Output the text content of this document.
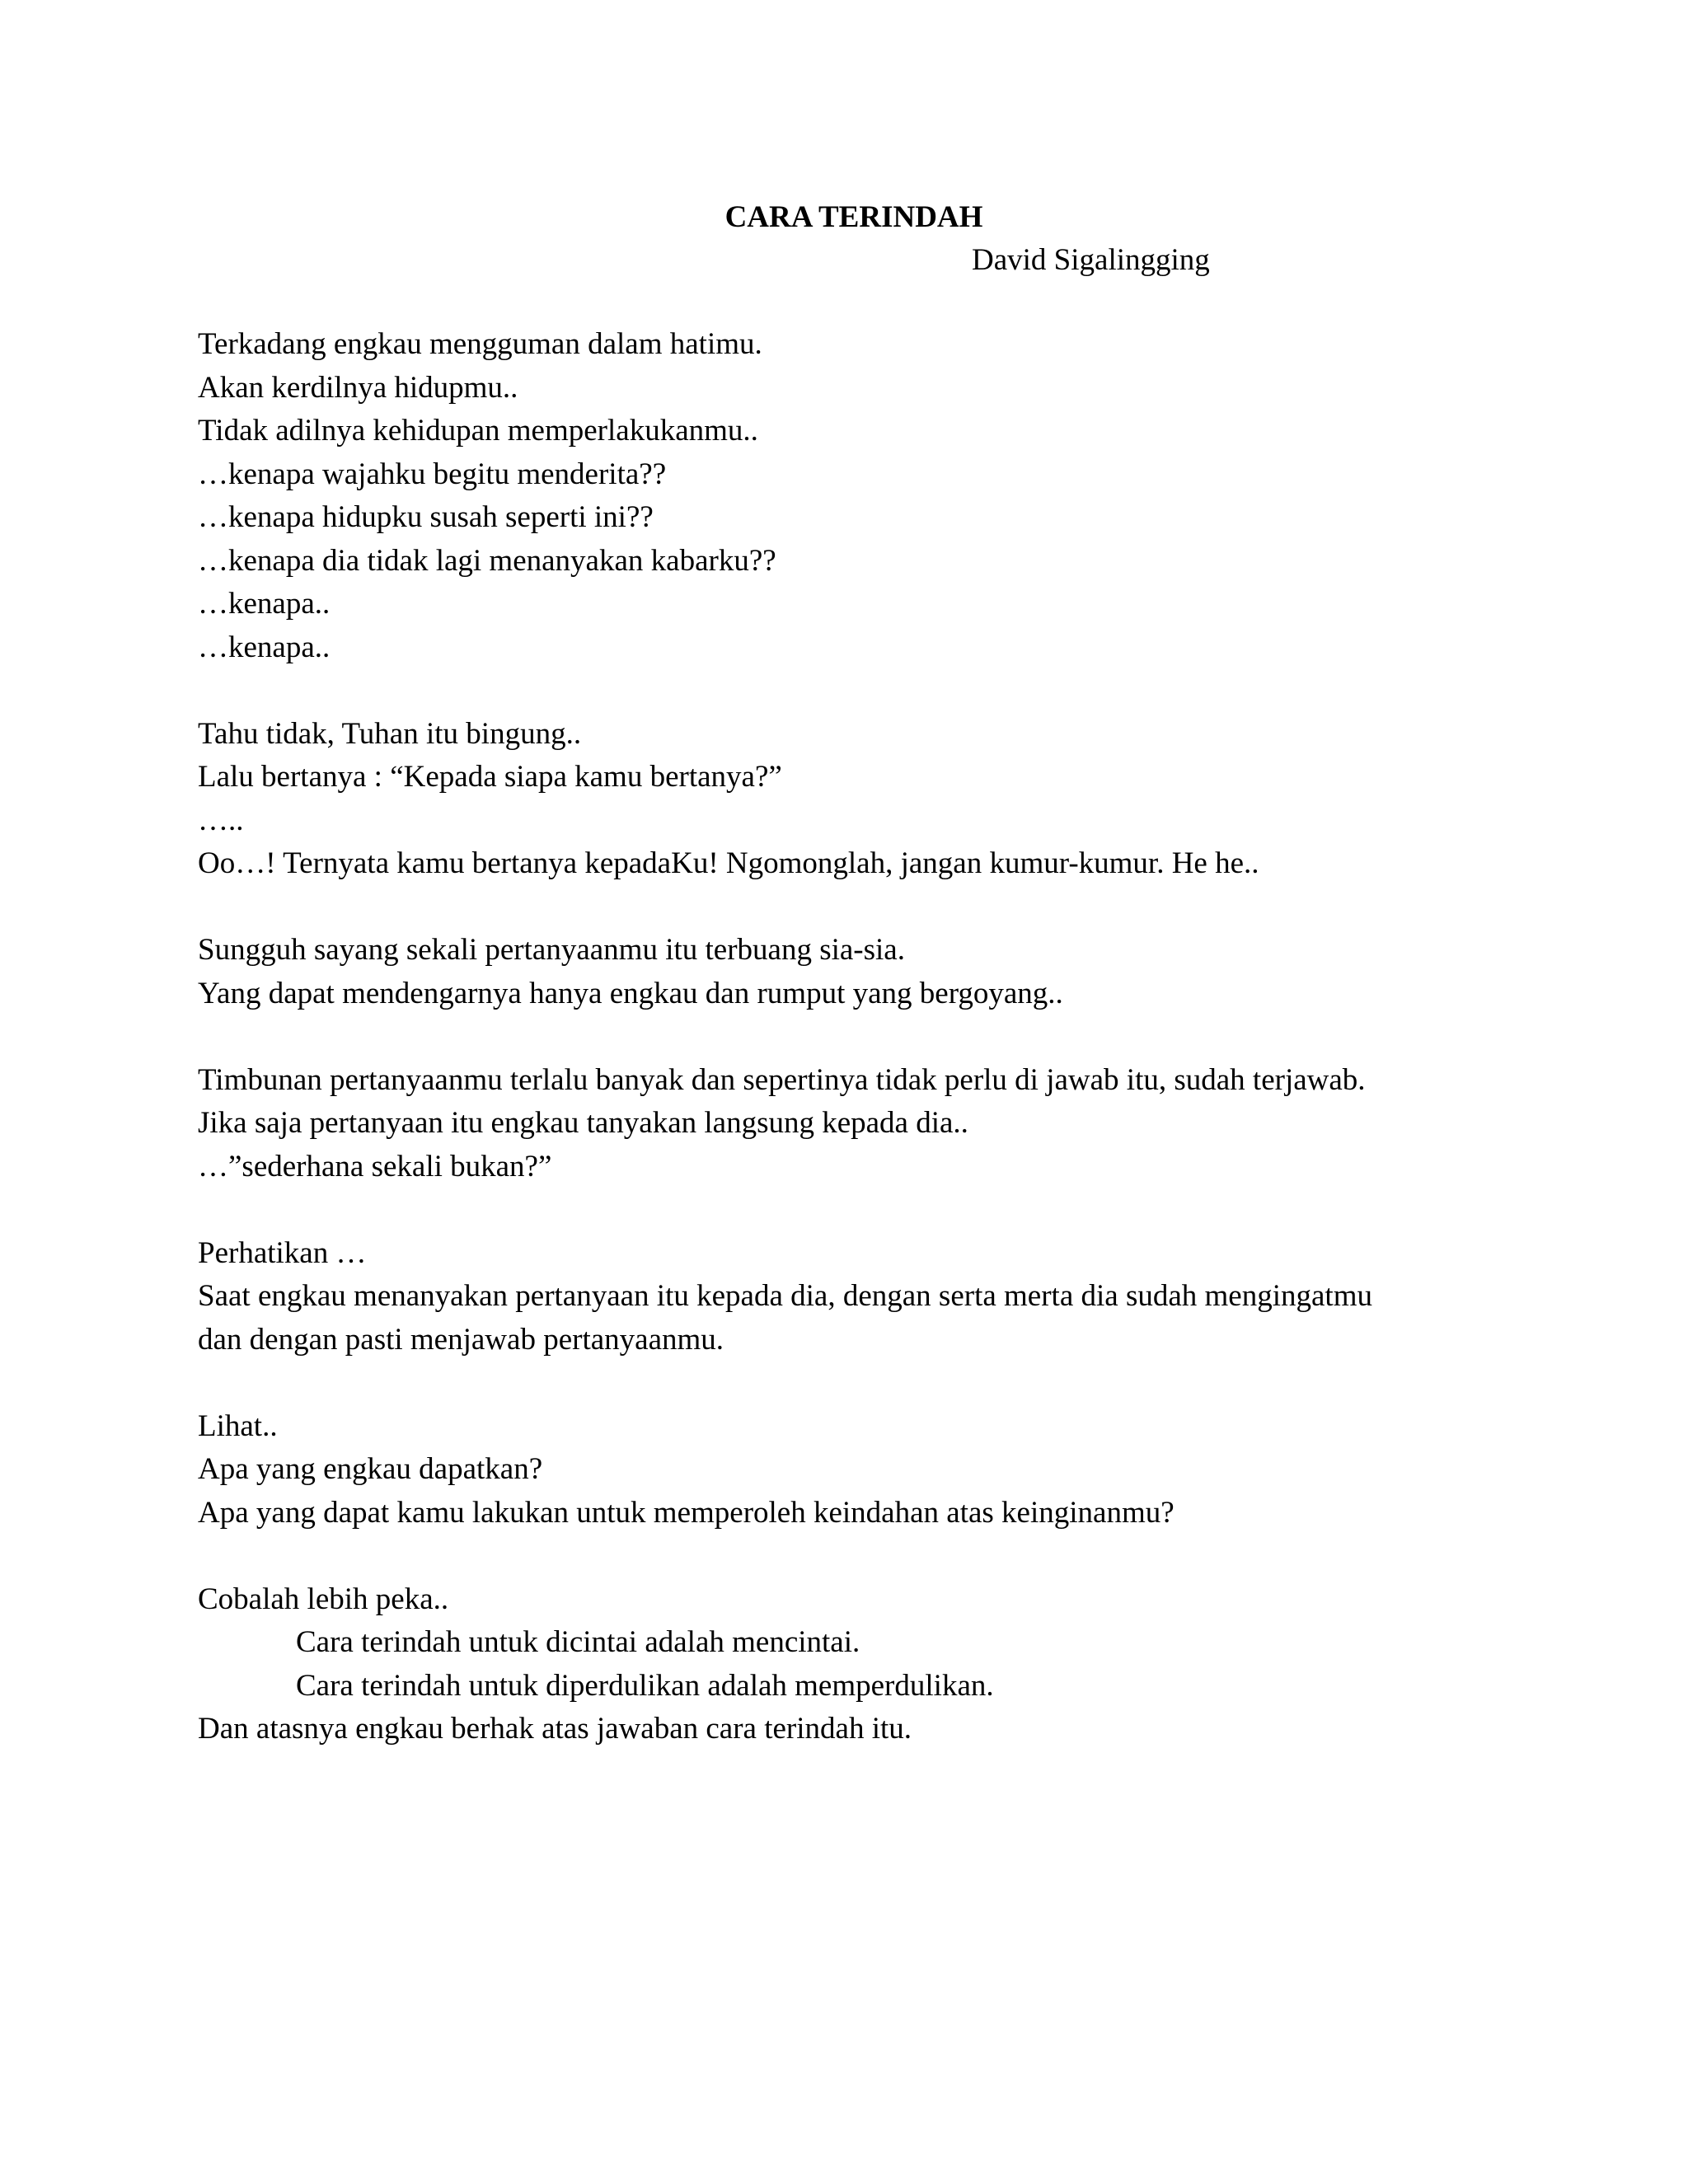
CARA TERINDAH

David Sigalingging

Terkadang engkau mengguman dalam hatimu.
Akan kerdilnya hidupmu..
Tidak adilnya kehidupan memperlakukanmu..
…kenapa wajahku begitu menderita??
…kenapa hidupku susah seperti ini??
…kenapa dia tidak lagi menanyakan kabarku??
…kenapa..
…kenapa..
Tahu tidak, Tuhan itu bingung..
Lalu bertanya : “Kepada siapa kamu bertanya?”
…..
Oo…! Ternyata kamu bertanya kepadaKu! Ngomonglah, jangan kumur-kumur. He he..
Sungguh sayang sekali pertanyaanmu itu terbuang sia-sia.
Yang dapat mendengarnya hanya engkau dan rumput yang bergoyang..
Timbunan pertanyaanmu terlalu banyak dan sepertinya tidak perlu di jawab itu, sudah terjawab.
Jika saja pertanyaan itu engkau tanyakan langsung kepada dia..
…”sederhana sekali bukan?”
Perhatikan …
Saat engkau menanyakan pertanyaan itu kepada dia, dengan serta merta dia sudah mengingatmu
dan dengan pasti menjawab pertanyaanmu.
Lihat..
Apa yang engkau dapatkan?
Apa yang dapat kamu lakukan untuk memperoleh keindahan atas keinginanmu?
Cobalah lebih peka..
Cara terindah untuk dicintai adalah mencintai.
Cara terindah untuk diperdulikan adalah memperdulikan.
Dan atasnya engkau berhak atas jawaban cara terindah itu.
